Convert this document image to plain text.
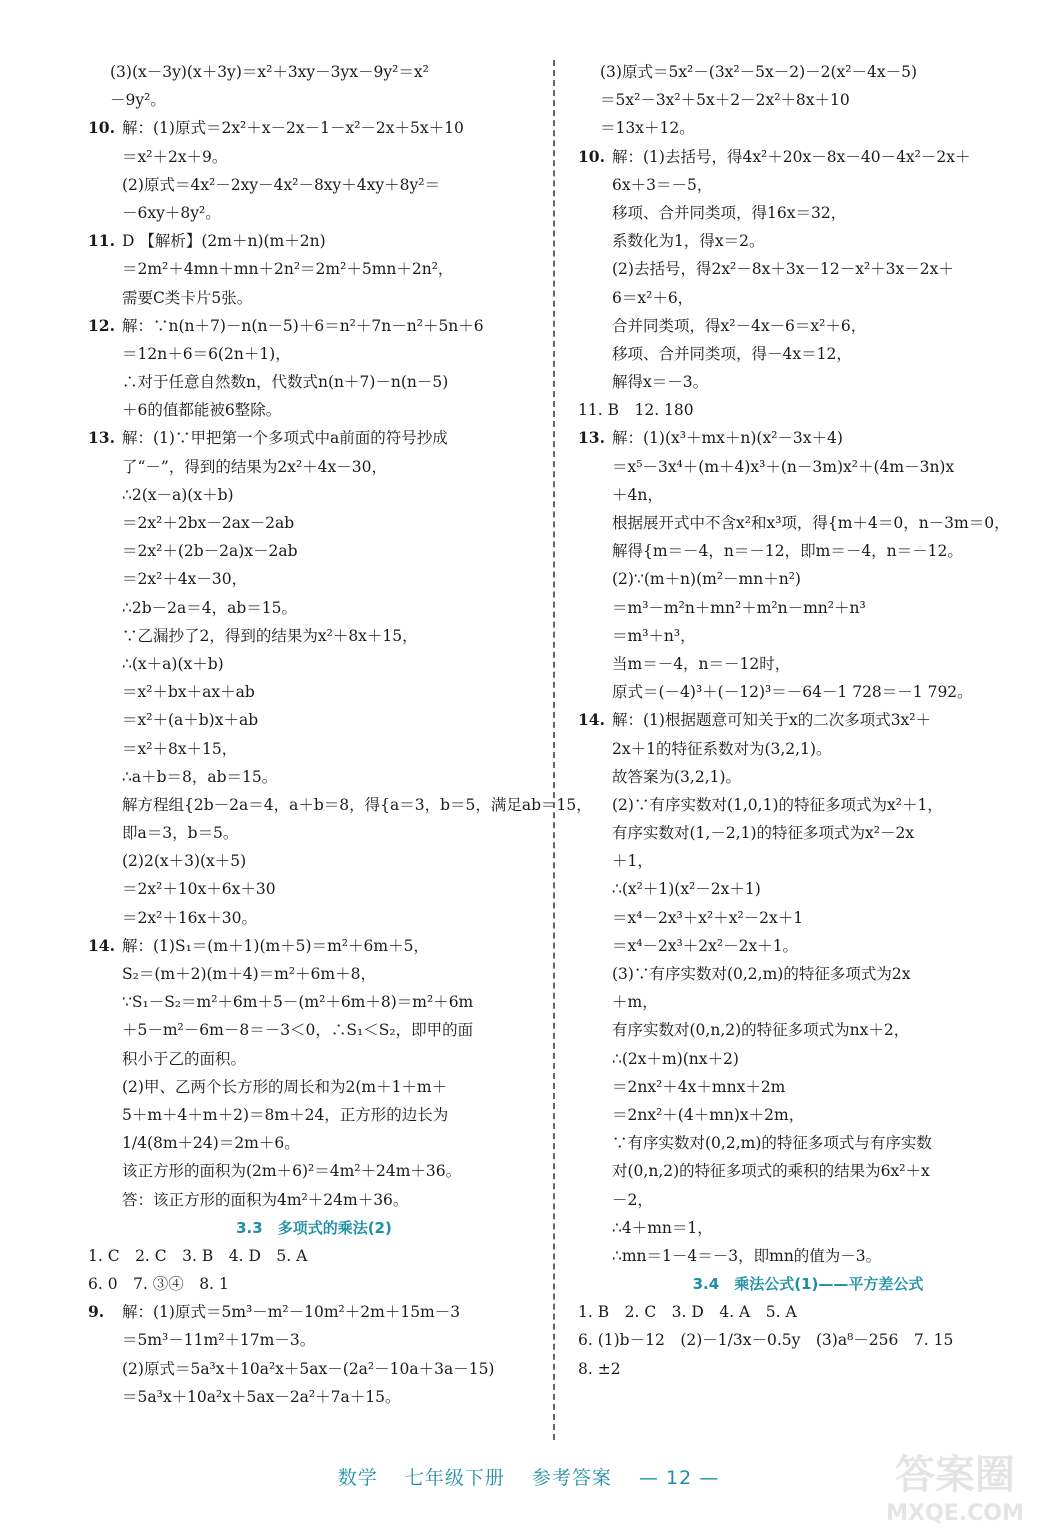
(3)(x－3y)(x＋3y)＝x²＋3xy－3yx－9y²＝x²
－9y²。
10. 解：(1)原式＝2x²＋x－2x－1－x²－2x＋5x＋10
＝x²＋2x＋9。
(2)原式＝4x²－2xy－4x²－8xy＋4xy＋8y²＝
－6xy＋8y²。
11. D 【解析】(2m＋n)(m＋2n)
＝2m²＋4mn＋mn＋2n²＝2m²＋5mn＋2n²，
需要C类卡片5张。
12. 解：∵n(n＋7)－n(n－5)＋6＝n²＋7n－n²＋5n＋6
＝12n＋6＝6(2n＋1)，
∴对于任意自然数n，代数式n(n＋7)－n(n－5)
＋6的值都能被6整除。
13. 解：(1)∵甲把第一个多项式中a前面的符号抄成
了“－”，得到的结果为2x²＋4x－30，
∴2(x－a)(x＋b)
＝2x²＋2bx－2ax－2ab
＝2x²＋(2b－2a)x－2ab
＝2x²＋4x－30，
∴2b－2a＝4，ab＝15。
∵乙漏抄了2，得到的结果为x²＋8x＋15，
∴(x＋a)(x＋b)
＝x²＋bx＋ax＋ab
＝x²＋(a＋b)x＋ab
＝x²＋8x＋15，
∴a＋b＝8，ab＝15。
解方程组{2b－2a＝4，a＋b＝8，得{a＝3，b＝5，满足ab＝15，
即a＝3，b＝5。
(2)2(x＋3)(x＋5)
＝2x²＋10x＋6x＋30
＝2x²＋16x＋30。
14. 解：(1)S₁＝(m＋1)(m＋5)＝m²＋6m＋5，
S₂＝(m＋2)(m＋4)＝m²＋6m＋8，
∵S₁－S₂＝m²＋6m＋5－(m²＋6m＋8)＝m²＋6m
＋5－m²－6m－8＝－3＜0，∴S₁＜S₂，即甲的面
积小于乙的面积。
(2)甲、乙两个长方形的周长和为2(m＋1＋m＋
5＋m＋4＋m＋2)＝8m＋24，正方形的边长为
1/4(8m＋24)＝2m＋6。
该正方形的面积为(2m＋6)²＝4m²＋24m＋36。
答：该正方形的面积为4m²＋24m＋36。
3.3　多项式的乘法(2)
1. C　2. C　3. B　4. D　5. A
6. 0　7. ③④　8. 1
9. 解：(1)原式＝5m³－m²－10m²＋2m＋15m－3
＝5m³－11m²＋17m－3。
(2)原式＝5a³x＋10a²x＋5ax－(2a²－10a＋3a－15)
＝5a³x＋10a²x＋5ax－2a²＋7a＋15。
(3)原式＝5x²－(3x²－5x－2)－2(x²－4x－5)
＝5x²－3x²＋5x＋2－2x²＋8x＋10
＝13x＋12。
10. 解：(1)去括号，得4x²＋20x－8x－40－4x²－2x＋
6x＋3＝－5，
移项、合并同类项，得16x＝32，
系数化为1，得x＝2。
(2)去括号，得2x²－8x＋3x－12－x²＋3x－2x＋
6＝x²＋6，
合并同类项，得x²－4x－6＝x²＋6，
移项、合并同类项，得－4x＝12，
解得x＝－3。
11. B　12. 180
13. 解：(1)(x³＋mx＋n)(x²－3x＋4)
＝x⁵－3x⁴＋(m＋4)x³＋(n－3m)x²＋(4m－3n)x
＋4n，
根据展开式中不含x²和x³项，得{m＋4＝0，n－3m＝0，
解得{m＝－4，n＝－12，即m＝－4，n＝－12。
(2)∵(m＋n)(m²－mn＋n²)
＝m³－m²n＋mn²＋m²n－mn²＋n³
＝m³＋n³，
当m＝－4，n＝－12时，
原式＝(－4)³＋(－12)³＝－64－1 728＝－1 792。
14. 解：(1)根据题意可知关于x的二次多项式3x²＋
2x＋1的特征系数对为(3,2,1)。
故答案为(3,2,1)。
(2)∵有序实数对(1,0,1)的特征多项式为x²＋1，
有序实数对(1,－2,1)的特征多项式为x²－2x
＋1，
∴(x²＋1)(x²－2x＋1)
＝x⁴－2x³＋x²＋x²－2x＋1
＝x⁴－2x³＋2x²－2x＋1。
(3)∵有序实数对(0,2,m)的特征多项式为2x
＋m，
有序实数对(0,n,2)的特征多项式为nx＋2，
∴(2x＋m)(nx＋2)
＝2nx²＋4x＋mnx＋2m
＝2nx²＋(4＋mn)x＋2m，
∵有序实数对(0,2,m)的特征多项式与有序实数
对(0,n,2)的特征多项式的乘积的结果为6x²＋x
－2，
∴4＋mn＝1，
∴mn＝1－4＝－3，即mn的值为－3。
3.4　乘法公式(1)——平方差公式
1. B　2. C　3. D　4. A　5. A
6. (1)b－12　(2)－1/3x－0.5y　(3)a⁸－256　7. 15
8. ±2
数学 七年级下册 参考答案 — 12 —	答案圈
MXQE.COM
